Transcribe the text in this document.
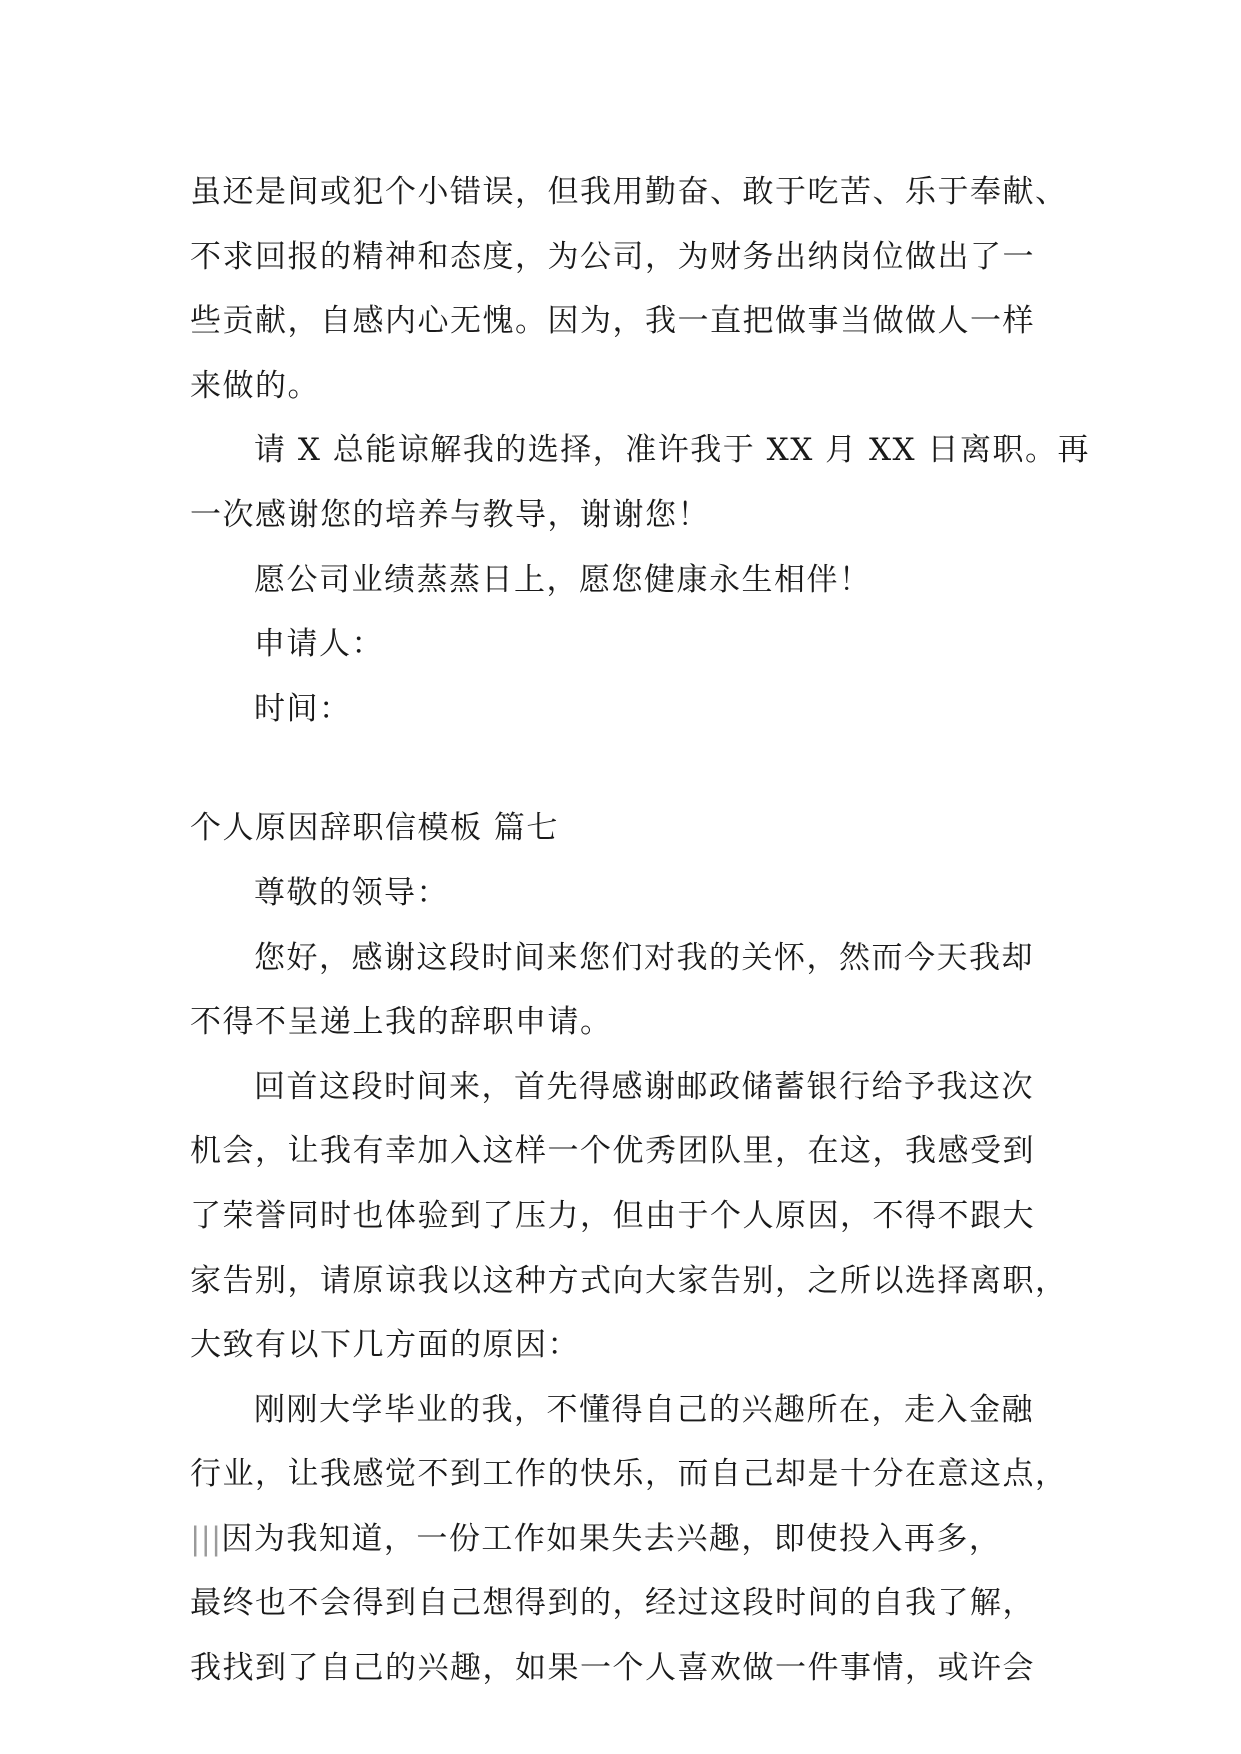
虽还是间或犯个小错误，但我用勤奋、敢于吃苦、乐于奉献、
不求回报的精神和态度，为公司，为财务出纳岗位做出了一
些贡献，自感内心无愧。因为，我一直把做事当做做人一样
来做的。
请 X 总能谅解我的选择，准许我于 XX 月 XX 日离职。再
一次感谢您的培养与教导，谢谢您！
愿公司业绩蒸蒸日上，愿您健康永生相伴！
申请人：
时间：
个人原因辞职信模板 篇七
尊敬的领导：
您好，感谢这段时间来您们对我的关怀，然而今天我却
不得不呈递上我的辞职申请。
回首这段时间来，首先得感谢邮政储蓄银行给予我这次
机会，让我有幸加入这样一个优秀团队里，在这，我感受到
了荣誉同时也体验到了压力，但由于个人原因，不得不跟大
家告别，请原谅我以这种方式向大家告别，之所以选择离职，
大致有以下几方面的原因：
刚刚大学毕业的我，不懂得自己的兴趣所在，走入金融
行业，让我感觉不到工作的快乐，而自己却是十分在意这点，
|||因为我知道，一份工作如果失去兴趣，即使投入再多，
最终也不会得到自己想得到的，经过这段时间的自我了解，
我找到了自己的兴趣，如果一个人喜欢做一件事情，或许会
